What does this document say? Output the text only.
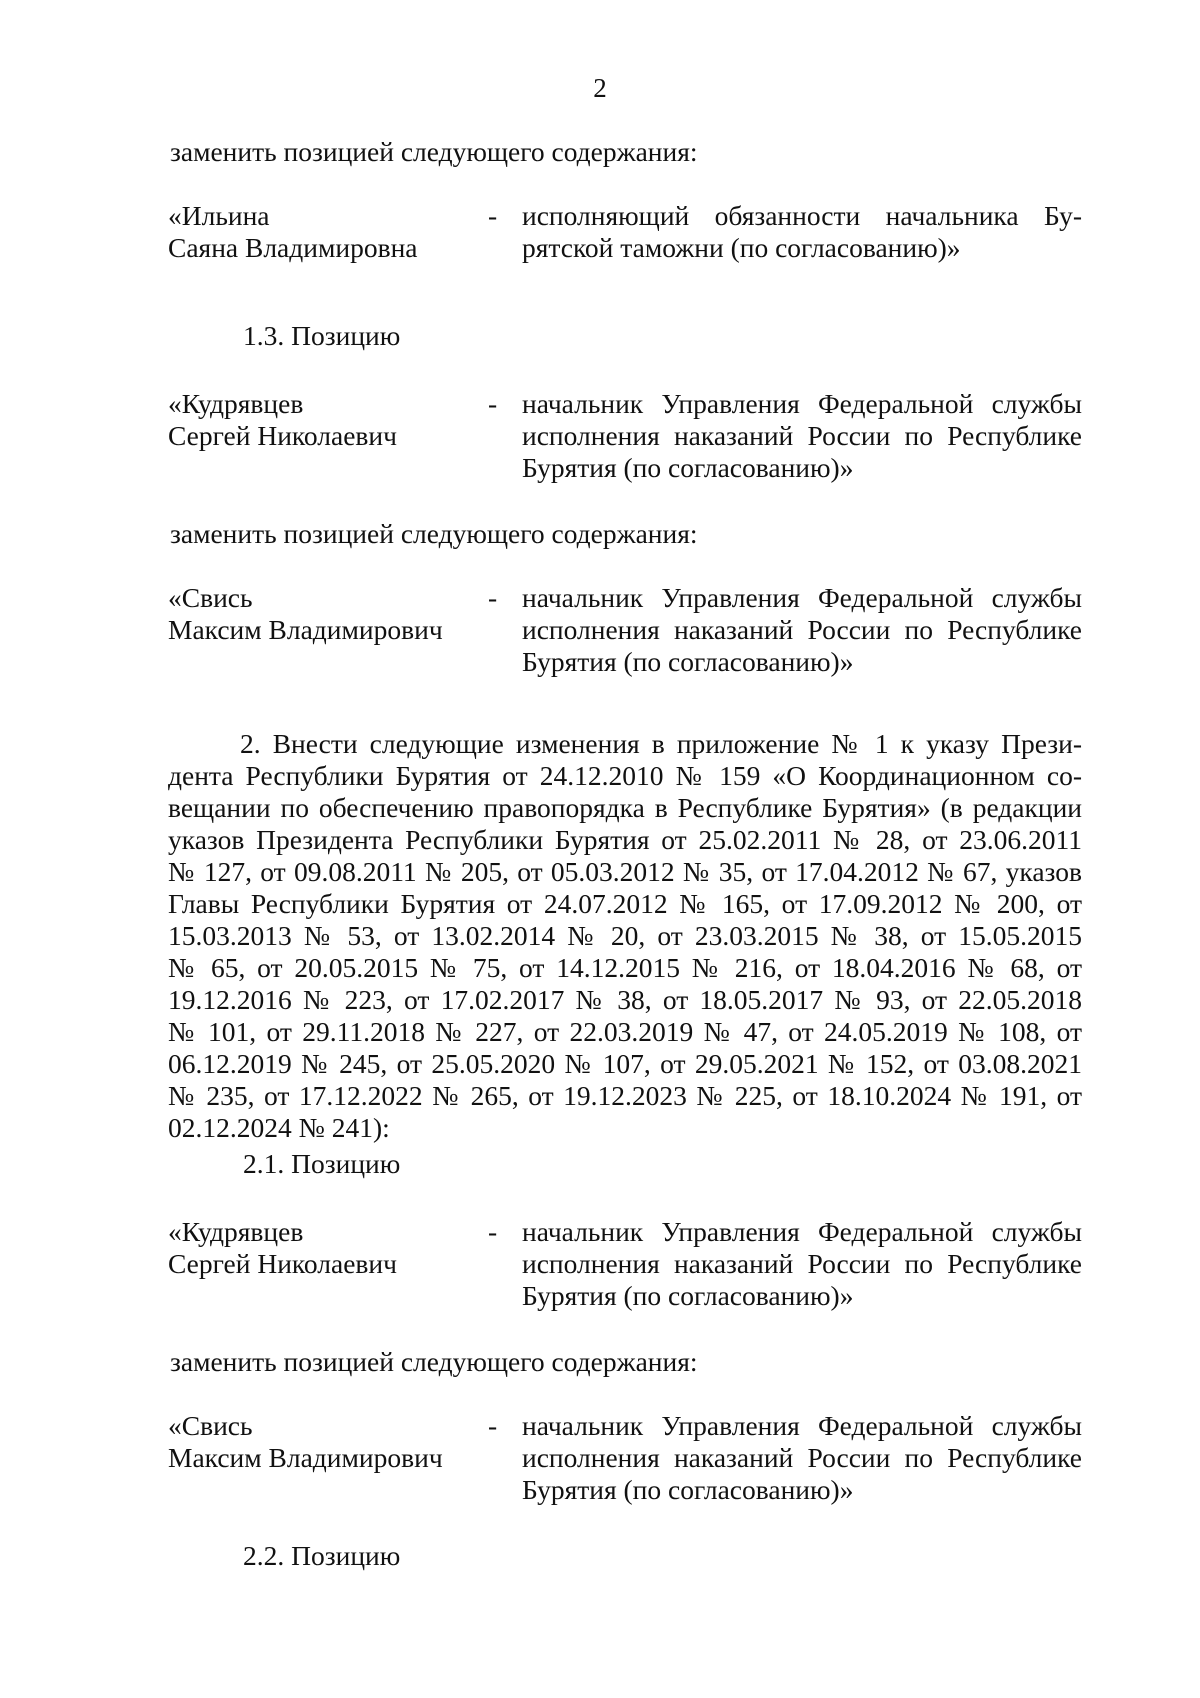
2
заменить позицией следующего содержания:
«Ильина
Саяна Владимировна
- исполняющий обязанности начальника Бу-
рятской таможни (по согласованию)»
1.3. Позицию
«Кудрявцев
Сергей Николаевич
- начальник Управления Федеральной службы
исполнения наказаний России по Республике
Бурятия (по согласованию)»
заменить позицией следующего содержания:
«Свись
Максим Владимирович
- начальник Управления Федеральной службы
исполнения наказаний России по Республике
Бурятия (по согласованию)»
2. Внести следующие изменения в приложение № 1 к указу Прези-
дента Республики Бурятия от 24.12.2010 № 159 «О Координационном со-
вещании по обеспечению правопорядка в Республике Бурятия» (в редакции
указов Президента Республики Бурятия от 25.02.2011 № 28, от 23.06.2011
№ 127, от 09.08.2011 № 205, от 05.03.2012 № 35, от 17.04.2012 № 67, указов
Главы Республики Бурятия от 24.07.2012 № 165, от 17.09.2012 № 200, от
15.03.2013 № 53, от 13.02.2014 № 20, от 23.03.2015 № 38, от 15.05.2015
№ 65, от 20.05.2015 № 75, от 14.12.2015 № 216, от 18.04.2016 № 68, от
19.12.2016 № 223, от 17.02.2017 № 38, от 18.05.2017 № 93, от 22.05.2018
№ 101, от 29.11.2018 № 227, от 22.03.2019 № 47, от 24.05.2019 № 108, от
06.12.2019 № 245, от 25.05.2020 № 107, от 29.05.2021 № 152, от 03.08.2021
№ 235, от 17.12.2022 № 265, от 19.12.2023 № 225, от 18.10.2024 № 191, от
02.12.2024 № 241):
2.1. Позицию
«Кудрявцев
Сергей Николаевич
- начальник Управления Федеральной службы
исполнения наказаний России по Республике
Бурятия (по согласованию)»
заменить позицией следующего содержания:
«Свись
Максим Владимирович
- начальник Управления Федеральной службы
исполнения наказаний России по Республике
Бурятия (по согласованию)»
2.2. Позицию
